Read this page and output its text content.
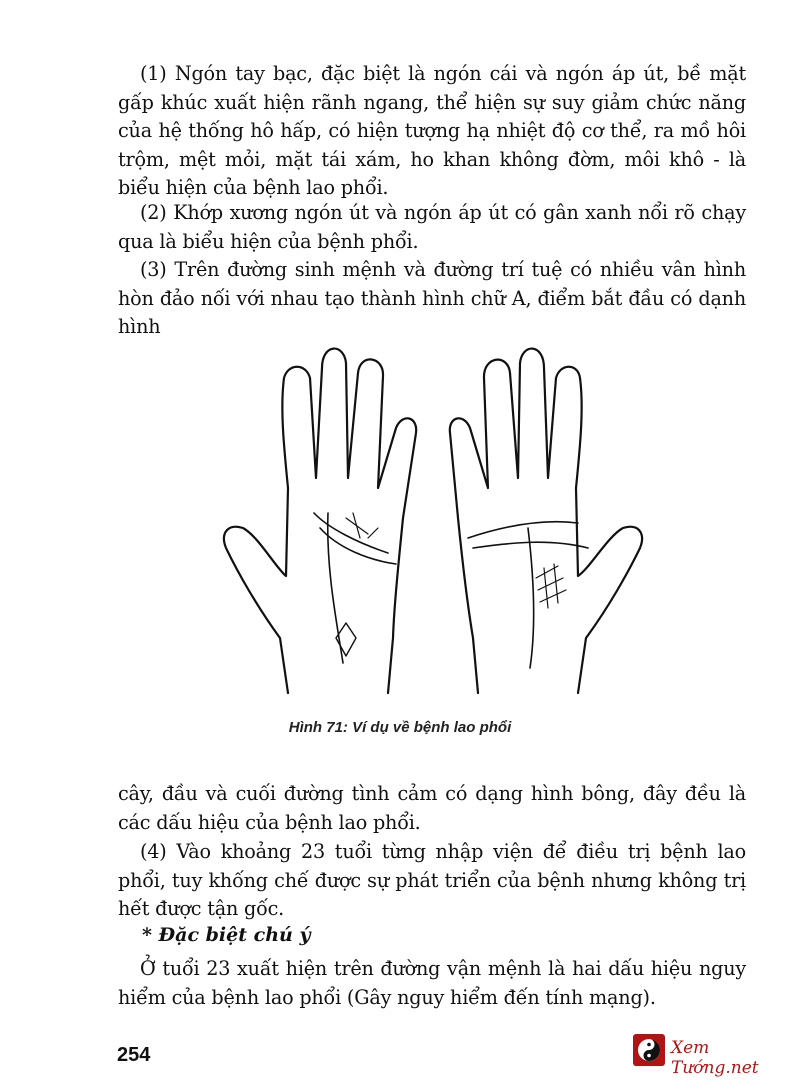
(1) Ngón tay bạc, đặc biệt là ngón cái và ngón áp út, bề mặt gấp khúc xuất hiện rãnh ngang, thể hiện sự suy giảm chức năng của hệ thống hô hấp, có hiện tượng hạ nhiệt độ cơ thể, ra mồ hôi trộm, mệt mỏi, mặt tái xám, ho khan không đờm, môi khô - là biểu hiện của bệnh lao phổi.
(2) Khớp xương ngón út và ngón áp út có gân xanh nổi rõ chạy qua là biểu hiện của bệnh phổi.
(3) Trên đường sinh mệnh và đường trí tuệ có nhiều vân hình hòn đảo nối với nhau tạo thành hình chữ A, điểm bắt đầu có dạnh hình
Hình 71: Ví dụ về bệnh lao phổi
cây, đầu và cuối đường tình cảm có dạng hình bông, đây đều là các dấu hiệu của bệnh lao phổi.
(4) Vào khoảng 23 tuổi từng nhập viện để điều trị bệnh lao phổi, tuy khống chế được sự phát triển của bệnh nhưng không trị hết được tận gốc.
* Đặc biệt chú ý
Ở tuổi 23 xuất hiện trên đường vận mệnh là hai dấu hiệu nguy hiểm của bệnh lao phổi (Gây nguy hiểm đến tính mạng).
254	Xem Tướng.net
